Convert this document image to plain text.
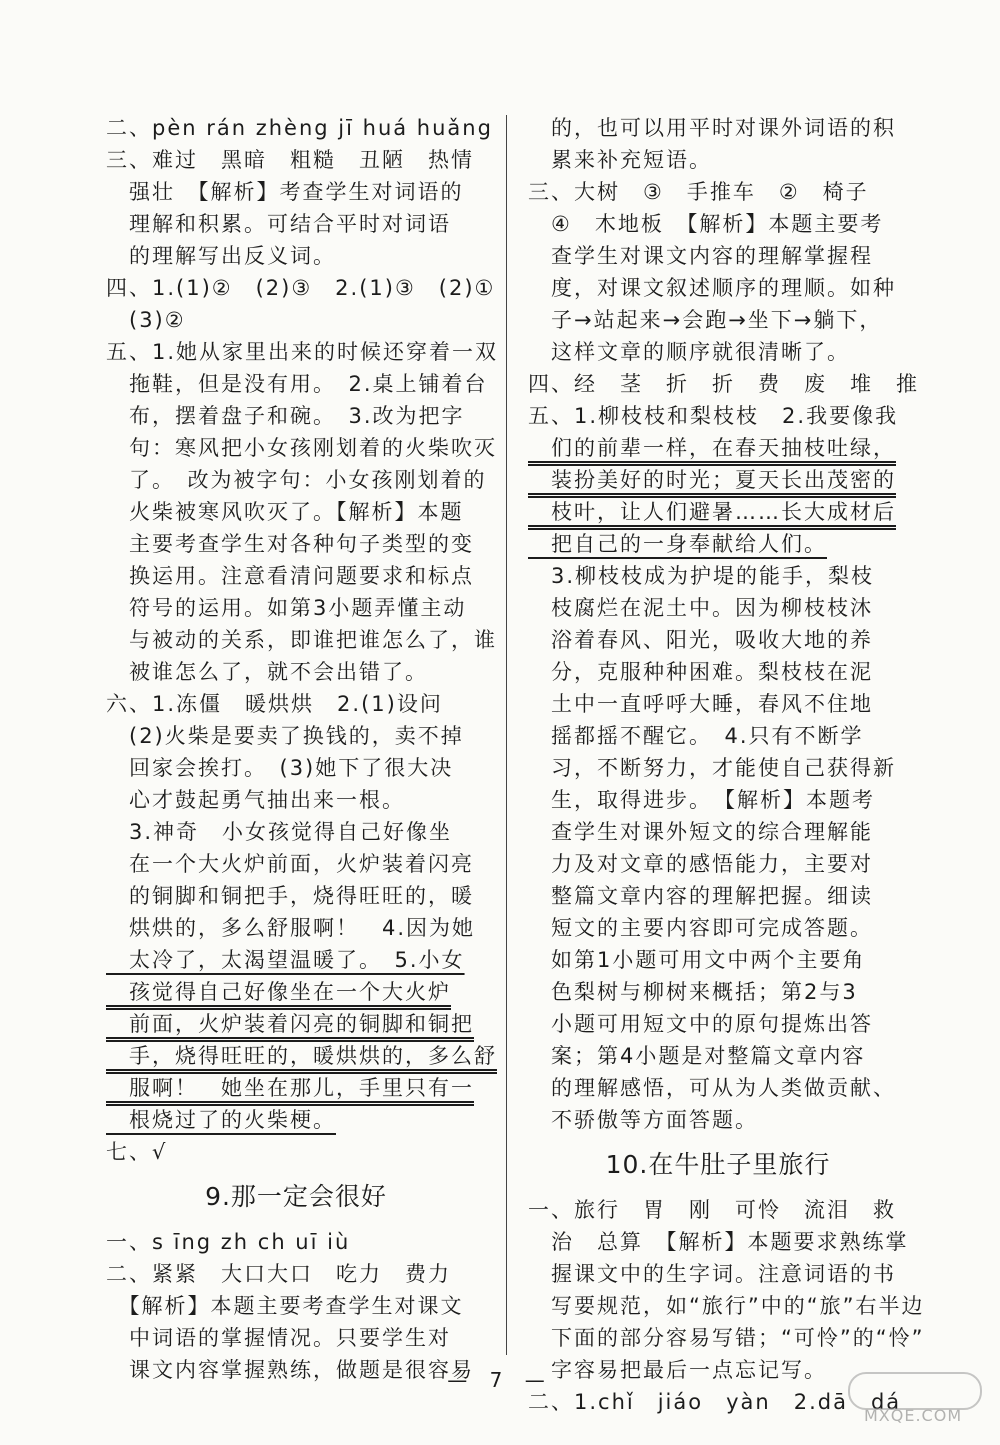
二、pèn rán zhèng jī huá huǎng
三、难过　黑暗　粗糙　丑陋　热情
　强壮　【解析】考查学生对词语的
　理解和积累。可结合平时对词语
　的理解写出反义词。
四、1.(1)②　(2)③　2.(1)③　(2)①
　(3)②
五、1.她从家里出来的时候还穿着一双
　拖鞋，但是没有用。　2.桌上铺着台
　布，摆着盘子和碗。　3.改为把字
　句：寒风把小女孩刚划着的火柴吹灭
　了。　改为被字句：小女孩刚划着的
　火柴被寒风吹灭了。【解析】本题
　主要考查学生对各种句子类型的变
　换运用。注意看清问题要求和标点
　符号的运用。如第3小题弄懂主动
　与被动的关系，即谁把谁怎么了，谁
　被谁怎么了，就不会出错了。
六、1.冻僵　暖烘烘　2.(1)设问
　(2)火柴是要卖了换钱的，卖不掉
　回家会挨打。　(3)她下了很大决
　心才鼓起勇气抽出来一根。
　3.神奇　小女孩觉得自己好像坐
　在一个大火炉前面，火炉装着闪亮
　的铜脚和铜把手，烧得旺旺的，暖
　烘烘的，多么舒服啊！　4.因为她
　太冷了，太渴望温暖了。　5.小女
　孩觉得自己好像坐在一个大火炉
　前面，火炉装着闪亮的铜脚和铜把
　手，烧得旺旺的，暖烘烘的，多么舒
　服啊！　她坐在那儿，手里只有一
　根烧过了的火柴梗。
七、√
9.那一定会很好
一、s īng zh ch uī iù
二、紧紧　大口大口　吃力　费力
　【解析】本题主要考查学生对课文
　中词语的掌握情况。只要学生对
　课文内容掌握熟练，做题是很容易
　的，也可以用平时对课外词语的积
　累来补充短语。
三、大树　③　手推车　②　椅子
　④　木地板　【解析】本题主要考
　查学生对课文内容的理解掌握程
　度，对课文叙述顺序的理顺。如种
　子→站起来→会跑→坐下→躺下，
　这样文章的顺序就很清晰了。
四、经　茎　折　折　费　废　堆　推
五、1.柳枝枝和梨枝枝　2.我要像我
　们的前辈一样，在春天抽枝吐绿，
　装扮美好的时光；夏天长出茂密的
　枝叶，让人们避暑……长大成材后
　把自己的一身奉献给人们。
　3.柳枝枝成为护堤的能手，梨枝
　枝腐烂在泥土中。因为柳枝枝沐
　浴着春风、阳光，吸收大地的养
　分，克服种种困难。梨枝枝在泥
　土中一直呼呼大睡，春风不住地
　摇都摇不醒它。　4.只有不断学
　习，不断努力，才能使自己获得新
　生，取得进步。　【解析】本题考
　查学生对课外短文的综合理解能
　力及对文章的感悟能力，主要对
　整篇文章内容的理解把握。细读
　短文的主要内容即可完成答题。
　如第1小题可用文中两个主要角
　色梨树与柳树来概括；第2与3
　小题可用短文中的原句提炼出答
　案；第4小题是对整篇文章内容
　的理解感悟，可从为人类做贡献、
　不骄傲等方面答题。
10.在牛肚子里旅行
一、旅行　胃　刚　可怜　流泪　救
　治　总算　【解析】本题要求熟练掌
　握课文中的生字词。注意词语的书
　写要规范，如“旅行”中的“旅”右半边
　下面的部分容易写错；“可怜”的“怜”
　字容易把最后一点忘记写。
二、1.chǐ　jiáo　yàn　2.dā　dá
— 7 —
MXQE.COM
